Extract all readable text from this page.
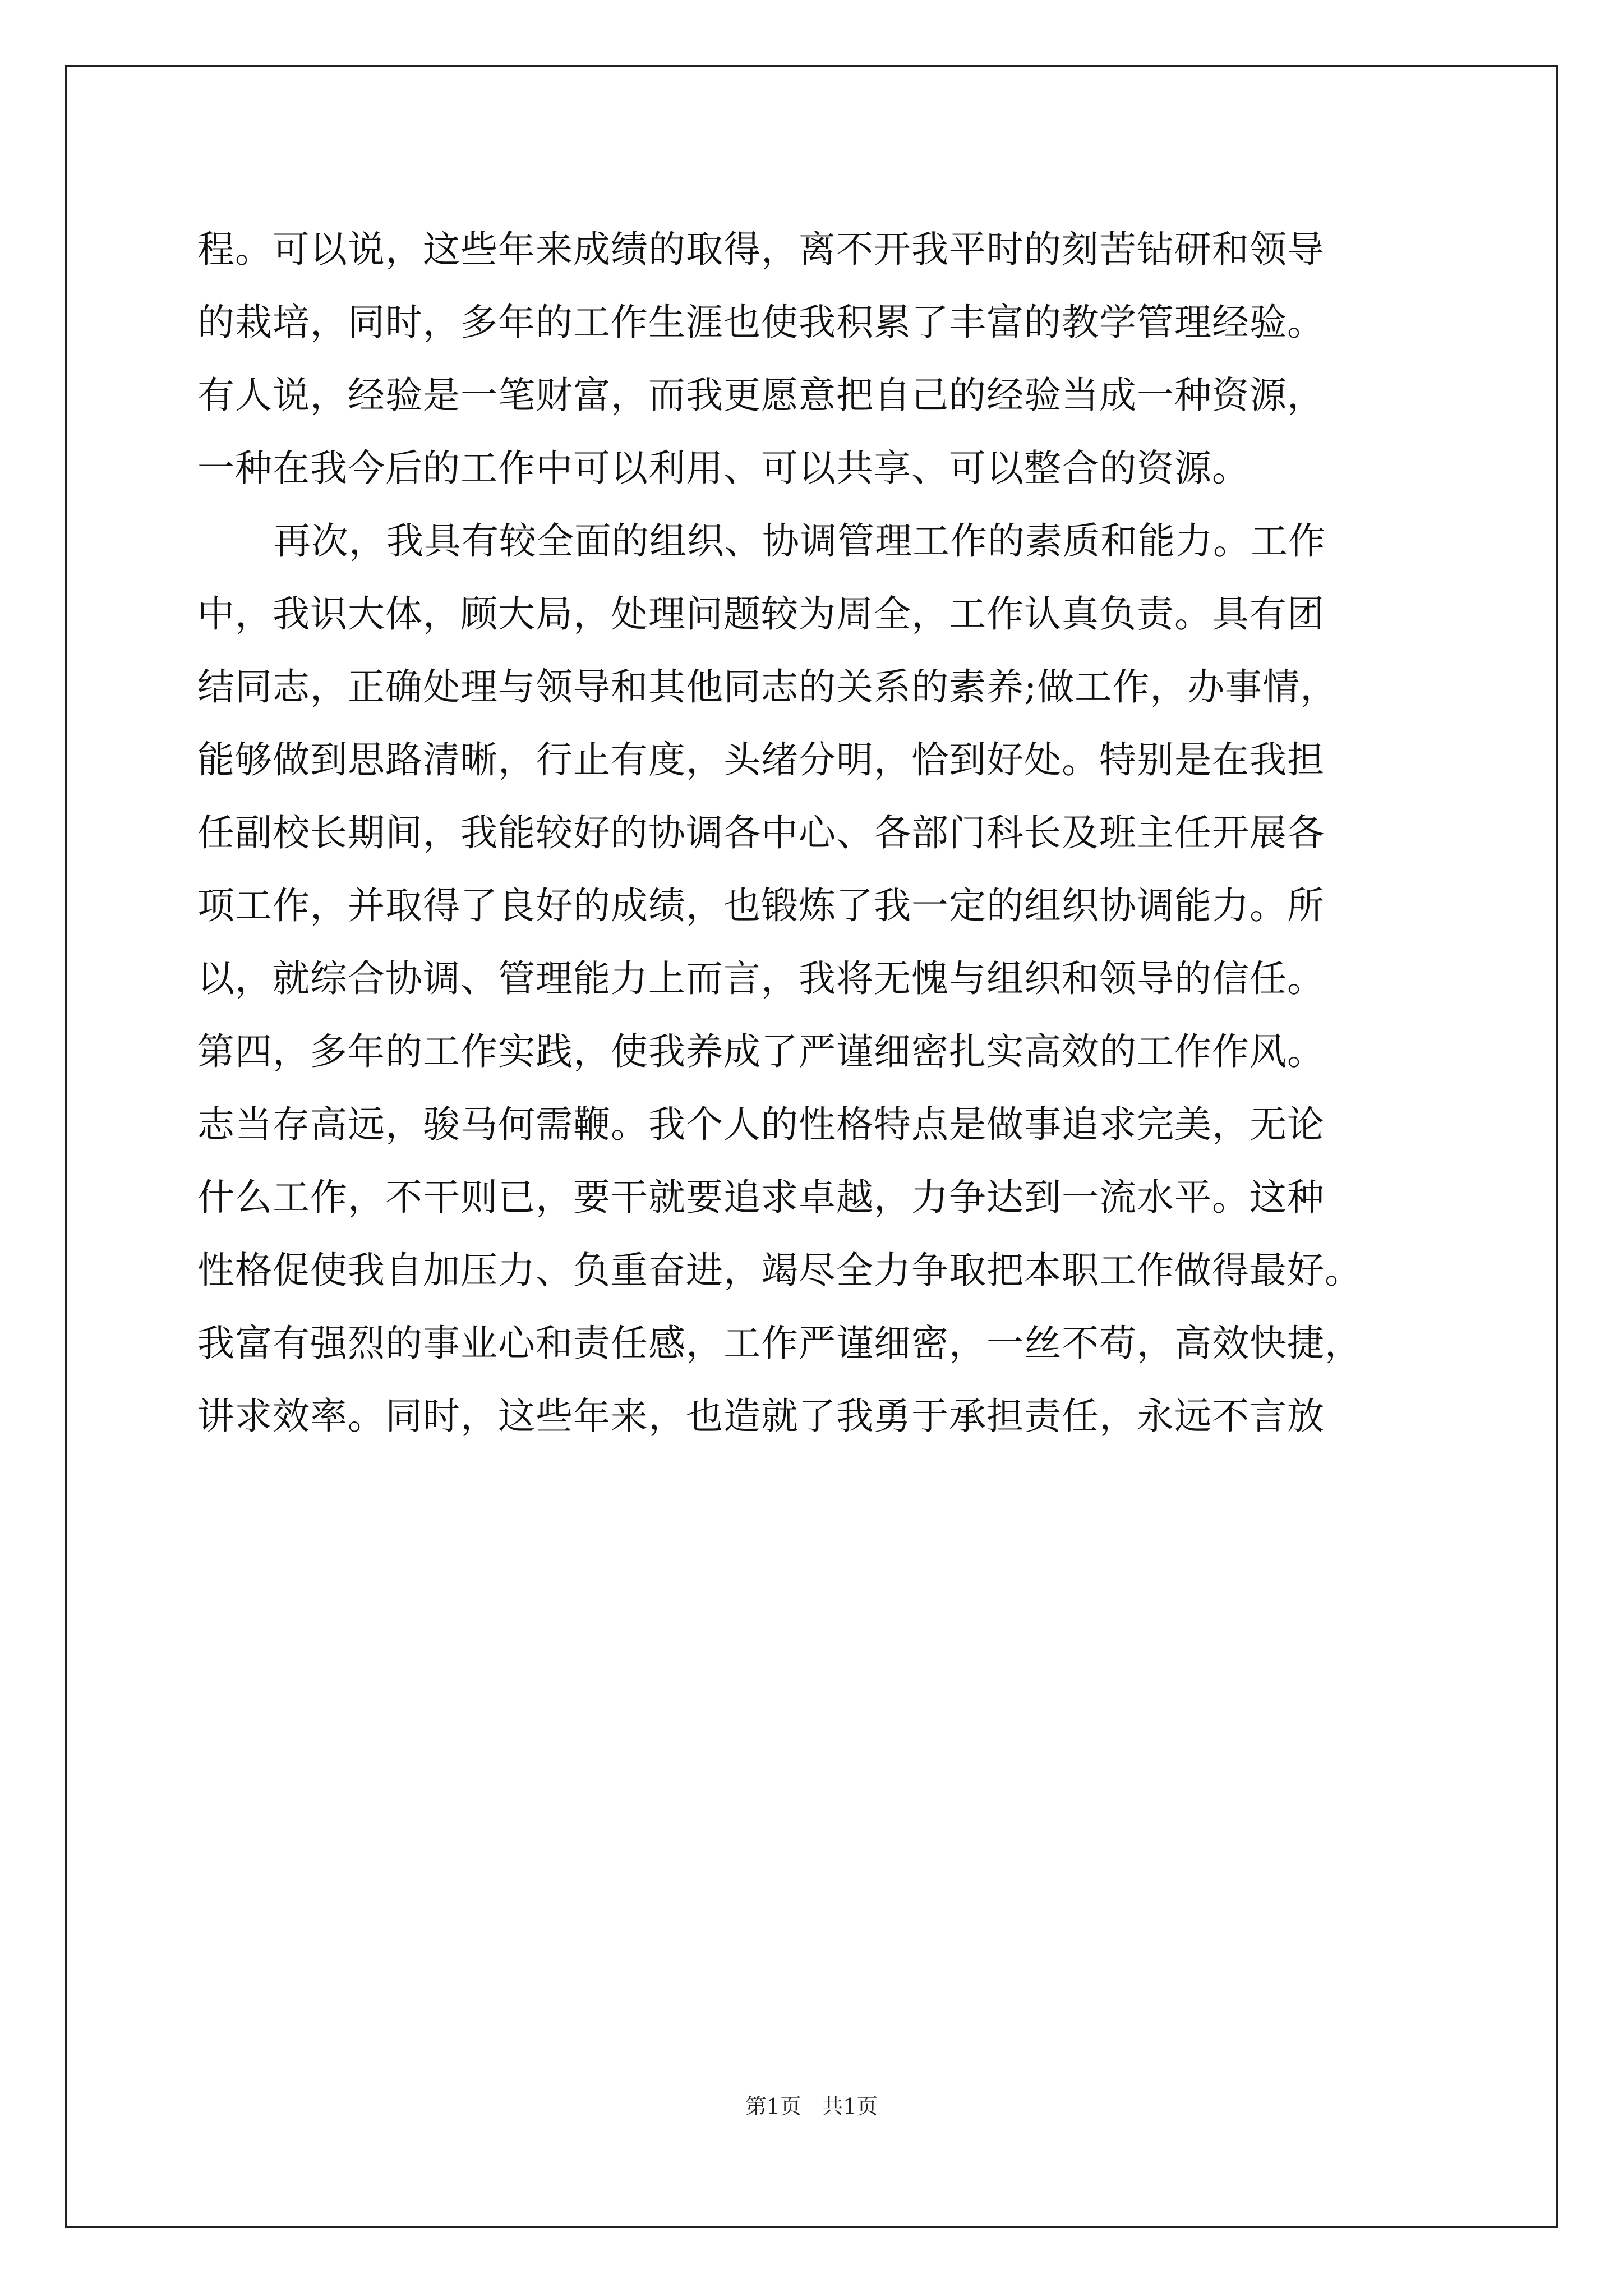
程。可以说，这些年来成绩的取得，离不开我平时的刻苦钻研和领导
的栽培，同时，多年的工作生涯也使我积累了丰富的教学管理经验。
有人说，经验是一笔财富，而我更愿意把自己的经验当成一种资源，
一种在我今后的工作中可以利用、可以共享、可以整合的资源。
再次，我具有较全面的组织、协调管理工作的素质和能力。工作
中，我识大体，顾大局，处理问题较为周全，工作认真负责。具有团
结同志，正确处理与领导和其他同志的关系的素养;做工作，办事情，
能够做到思路清晰，行止有度，头绪分明，恰到好处。特别是在我担
任副校长期间，我能较好的协调各中心、各部门科长及班主任开展各
项工作，并取得了良好的成绩，也锻炼了我一定的组织协调能力。所
以，就综合协调、管理能力上而言，我将无愧与组织和领导的信任。
第四，多年的工作实践，使我养成了严谨细密扎实高效的工作作风。
志当存高远，骏马何需鞭。我个人的性格特点是做事追求完美，无论
什么工作，不干则已，要干就要追求卓越，力争达到一流水平。这种
性格促使我自加压力、负重奋进，竭尽全力争取把本职工作做得最好。
我富有强烈的事业心和责任感，工作严谨细密，一丝不苟，高效快捷，
讲求效率。同时，这些年来，也造就了我勇于承担责任，永远不言放
第1页   共1页
